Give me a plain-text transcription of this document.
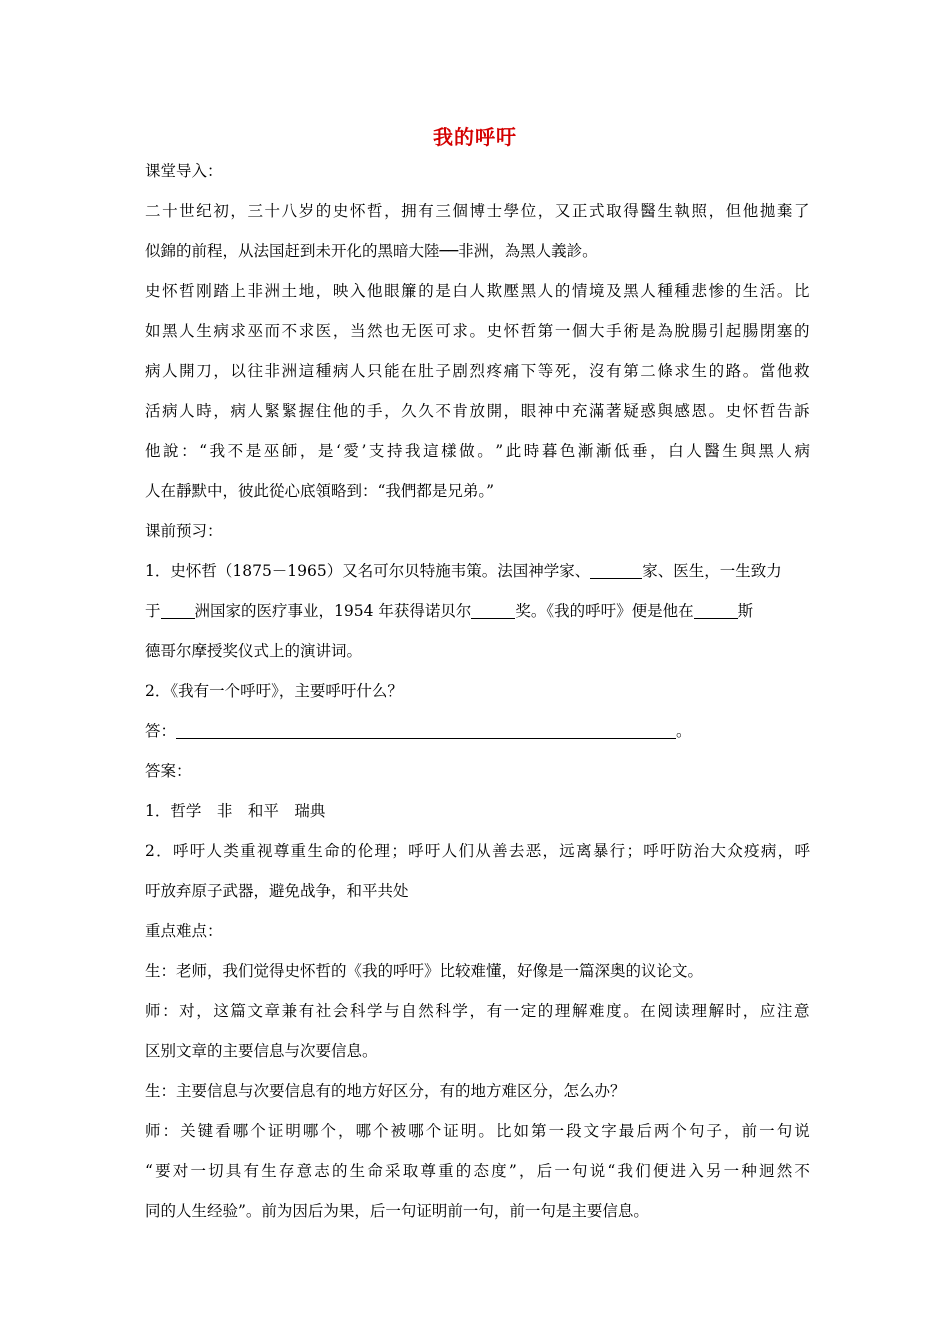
我的呼吁

课堂导入：

二 十 世 纪 初 ， 三 十 八 岁 的 史 怀 哲 ， 拥 有 三 個 博 士 學 位 ， 又 正 式 取 得 醫 生 執 照 ， 但 他 拋 棄 了

似錦的前程，从法国赶到未开化的黑暗大陸──非洲，為黑人義診。

史 怀 哲 刚 踏 上 非 洲 土 地 ， 映 入 他 眼 簾 的 是 白 人 欺 壓 黑 人 的 情 境 及 黑 人 種 種 悲 惨 的 生 活 。 比

如 黑 人 生 病 求 巫 而 不 求 医 ， 当 然 也 无 医 可 求 。 史 怀 哲 第 一 個 大 手 術 是 為 脫 腸 引 起 腸 閉 塞 的

病 人 開 刀 ， 以 往 非 洲 這 種 病 人 只 能 在 肚 子 剧 烈 疼 痛 下 等 死 ， 沒 有 第 二 條 求 生 的 路 。 當 他 救

活 病 人 時 ， 病 人 緊 緊 握 住 他 的 手 ， 久 久 不 肯 放 開 ， 眼 神 中 充 滿 著 疑 惑 與 感 恩 。 史 怀 哲 告 訴

他 說 ： “ 我 不 是 巫 師 ， 是 ‘ 愛 ’ 支 持 我 這 樣 做 。 ” 此 時 暮 色 漸 漸 低 垂 ， 白 人 醫 生 與 黑 人 病

人在靜默中，彼此從心底領略到：“我們都是兄弟。”

课前预习：

1．史怀哲（1875－1965）又名可尔贝特施韦策。法国神学家、	家、医生，一生致力

于 洲国家的医疗事业，1954 年获得诺贝尔	奖。《我的呼吁》便是他在	斯

德哥尔摩授奖仪式上的演讲词。

2．《我有一个呼吁》，主要呼吁什么？

答：	。

答案：

1．哲学　非　和平　瑞典

2 ． 呼 吁 人 类 重 视 尊 重 生 命 的 伦 理 ； 呼 吁 人 们 从 善 去 恶 ， 远 离 暴 行 ； 呼 吁 防 治 大 众 疫 病 ， 呼

吁放弃原子武器，避免战争，和平共处

重点难点：

生：老师，我们觉得史怀哲的《我的呼吁》比较难懂，好像是一篇深奥的议论文。

师 ： 对 ， 这 篇 文 章 兼 有 社 会 科 学 与 自 然 科 学 ， 有 一 定 的 理 解 难 度 。 在 阅 读 理 解 时 ， 应 注 意

区别文章的主要信息与次要信息。

生：主要信息与次要信息有的地方好区分，有的地方难区分，怎么办？

师 ： 关 键 看 哪 个 证 明 哪 个 ， 哪 个 被 哪 个 证 明 。 比 如 第 一 段 文 字 最 后 两 个 句 子 ， 前 一 句 说

“ 要 对 一 切 具 有 生 存 意 志 的 生 命 采 取 尊 重 的 态 度 ” ， 后 一 句 说 “ 我 们 便 进 入 另 一 种 迥 然 不

同的人生经验”。前为因后为果，后一句证明前一句，前一句是主要信息。
